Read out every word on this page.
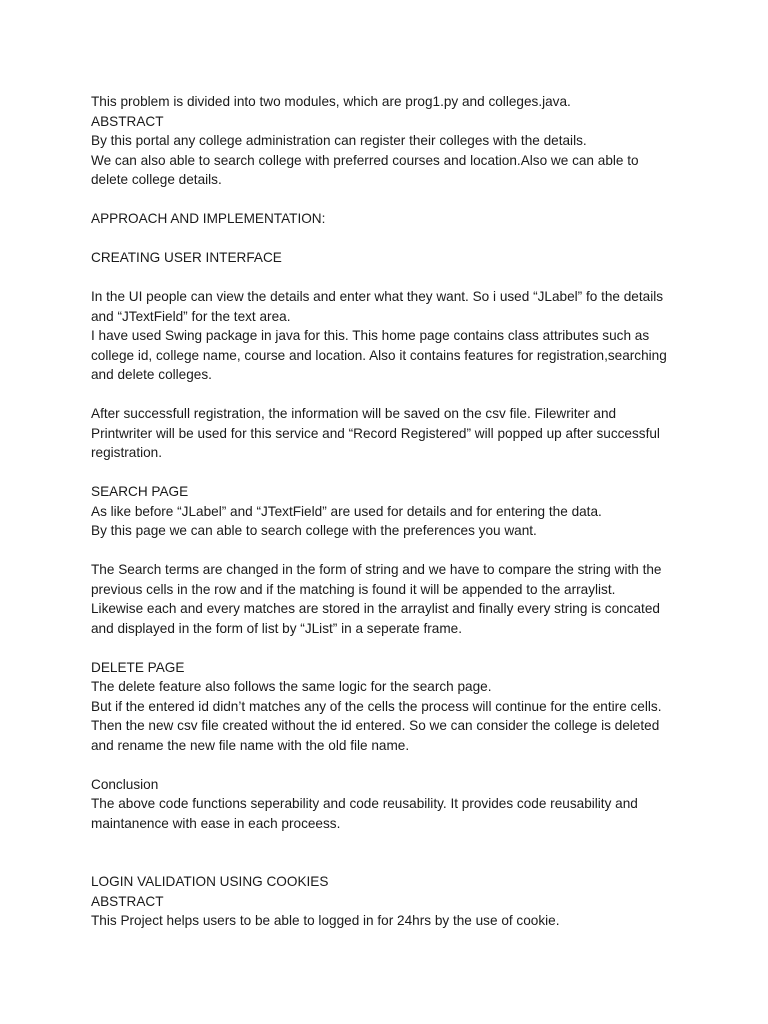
This problem is divided into two modules, which are prog1.py and colleges.java.
ABSTRACT
By this portal any college administration can register their colleges with the details.
We can also able to search college with preferred courses and location.Also we can able to
delete college details.
APPROACH AND IMPLEMENTATION:
CREATING USER INTERFACE
In the UI people can view the details and enter what they want. So i used “JLabel” fo the details
and “JTextField” for the text area.
I have used Swing package in java for this. This home page contains class attributes such as
college id, college name, course and location. Also it contains features for registration,searching
and delete colleges.
After successfull registration, the information will be saved on the csv file. Filewriter and
Printwriter will be used for this service and “Record Registered” will popped up after successful
registration.
SEARCH PAGE
As like before “JLabel” and “JTextField” are used for details and for entering the data.
By this page we can able to search college with the preferences you want.
The Search terms are changed in the form of string and we have to compare the string with the
previous cells in the row and if the matching is found it will be appended to the arraylist.
Likewise each and every matches are stored in the arraylist and finally every string is concated
and displayed in the form of list by “JList” in a seperate frame.
DELETE PAGE
The delete feature also follows the same logic for the search page.
But if the entered id didn’t matches any of the cells the process will continue for the entire cells.
Then the new csv file created without the id entered. So we can consider the college is deleted
and rename the new file name with the old file name.
Conclusion
The above code functions seperability and code reusability. It provides code reusability and
maintanence with ease in each proceess.
LOGIN VALIDATION USING COOKIES
ABSTRACT
This Project helps users to be able to logged in for 24hrs by the use of cookie.
